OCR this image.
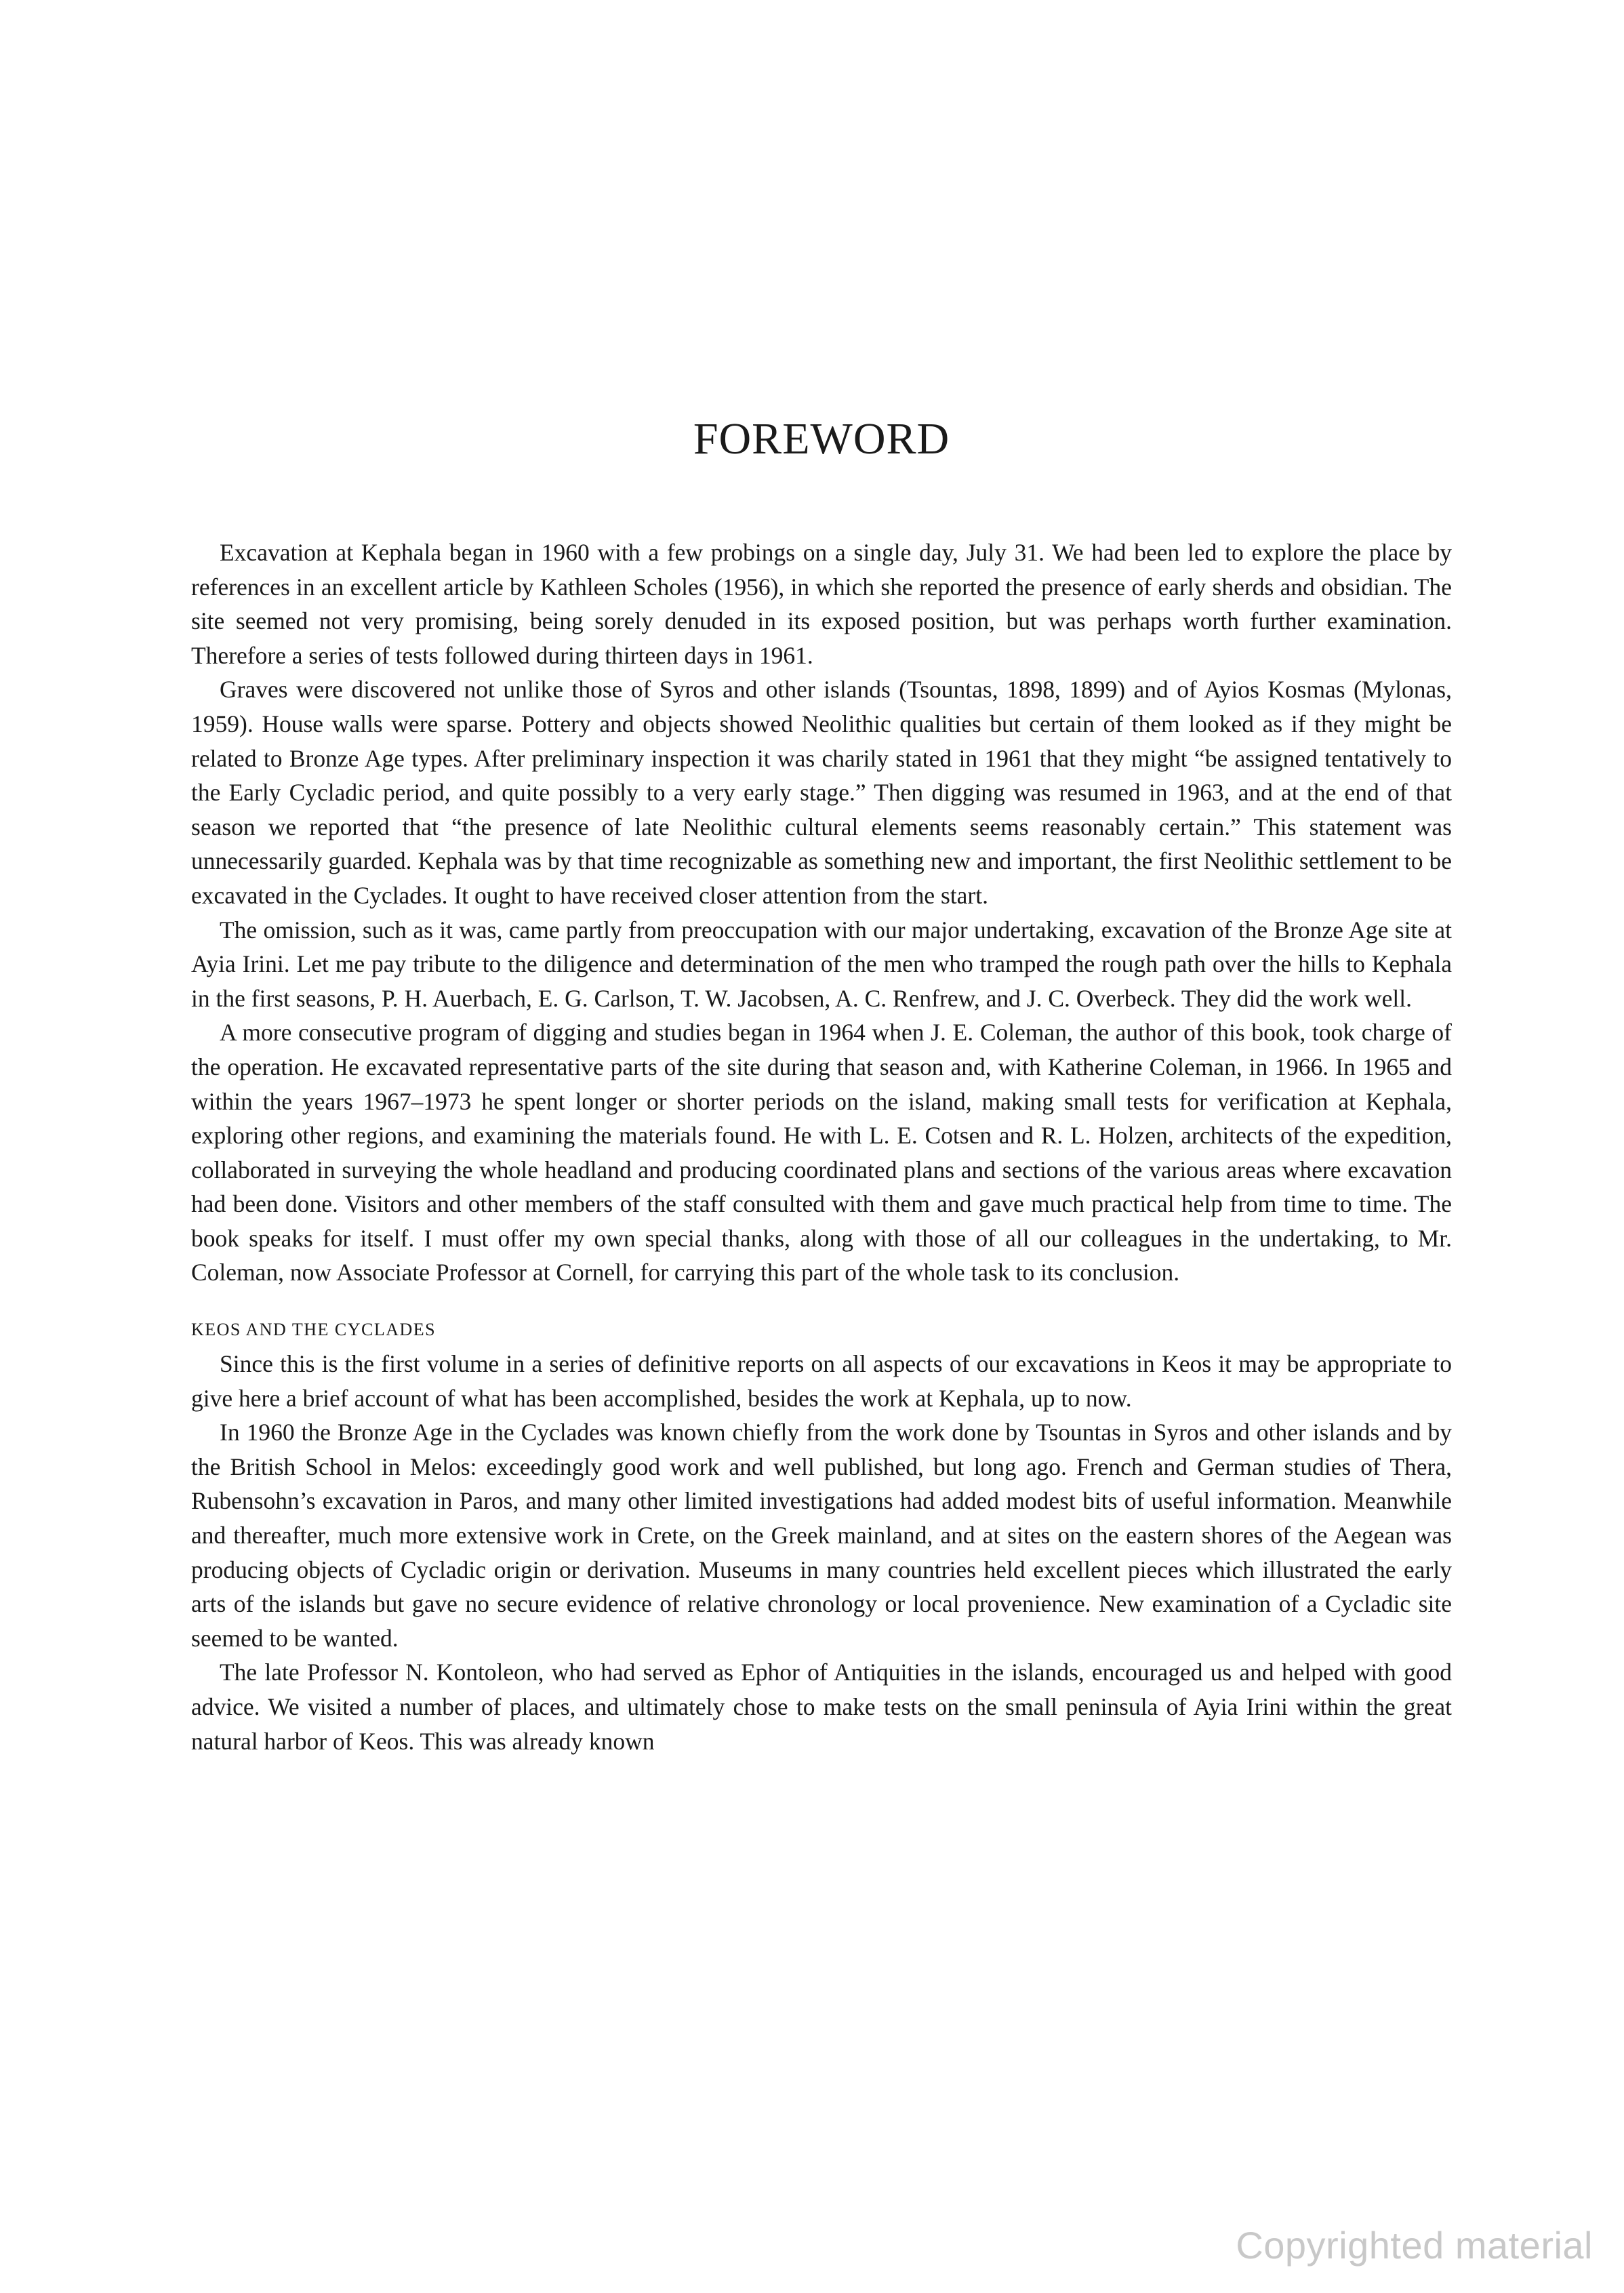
FOREWORD

Excavation at Kephala began in 1960 with a few probings on a single day, July 31. We had been led to explore the place by references in an excellent article by Kathleen Scholes (1956), in which she reported the presence of early sherds and obsidian. The site seemed not very promising, being sorely denuded in its exposed position, but was perhaps worth further examination. Therefore a series of tests followed during thirteen days in 1961.

Graves were discovered not unlike those of Syros and other islands (Tsountas, 1898, 1899) and of Ayios Kosmas (Mylonas, 1959). House walls were sparse. Pottery and objects showed Neolithic qualities but certain of them looked as if they might be related to Bronze Age types. After preliminary inspection it was charily stated in 1961 that they might “be assigned tentatively to the Early Cycladic period, and quite possibly to a very early stage.” Then digging was resumed in 1963, and at the end of that season we reported that “the presence of late Neolithic cultural elements seems reasonably certain.” This statement was unnecessarily guarded. Kephala was by that time recognizable as something new and important, the first Neolithic settlement to be excavated in the Cyclades. It ought to have received closer attention from the start.

The omission, such as it was, came partly from preoccupation with our major undertaking, excavation of the Bronze Age site at Ayia Irini. Let me pay tribute to the diligence and determination of the men who tramped the rough path over the hills to Kephala in the first seasons, P. H. Auerbach, E. G. Carlson, T. W. Jacobsen, A. C. Renfrew, and J. C. Overbeck. They did the work well.

A more consecutive program of digging and studies began in 1964 when J. E. Coleman, the author of this book, took charge of the operation. He excavated representative parts of the site during that season and, with Katherine Coleman, in 1966. In 1965 and within the years 1967–1973 he spent longer or shorter periods on the island, making small tests for verification at Kephala, exploring other regions, and examining the materials found. He with L. E. Cotsen and R. L. Holzen, architects of the expedition, collaborated in surveying the whole headland and producing coordinated plans and sections of the various areas where excavation had been done. Visitors and other members of the staff consulted with them and gave much practical help from time to time. The book speaks for itself. I must offer my own special thanks, along with those of all our colleagues in the undertaking, to Mr. Coleman, now Associate Professor at Cornell, for carrying this part of the whole task to its conclusion.

KEOS AND THE CYCLADES

Since this is the first volume in a series of definitive reports on all aspects of our excavations in Keos it may be appropriate to give here a brief account of what has been accomplished, besides the work at Kephala, up to now.

In 1960 the Bronze Age in the Cyclades was known chiefly from the work done by Tsountas in Syros and other islands and by the British School in Melos: exceedingly good work and well published, but long ago. French and German studies of Thera, Rubensohn’s excavation in Paros, and many other limited investigations had added modest bits of useful information. Meanwhile and thereafter, much more extensive work in Crete, on the Greek mainland, and at sites on the eastern shores of the Aegean was producing objects of Cycladic origin or derivation. Museums in many countries held excellent pieces which illustrated the early arts of the islands but gave no secure evidence of relative chronology or local provenience. New examination of a Cycladic site seemed to be wanted.

The late Professor N. Kontoleon, who had served as Ephor of Antiquities in the islands, encouraged us and helped with good advice. We visited a number of places, and ultimately chose to make tests on the small peninsula of Ayia Irini within the great natural harbor of Keos. This was already known

Copyrighted material
